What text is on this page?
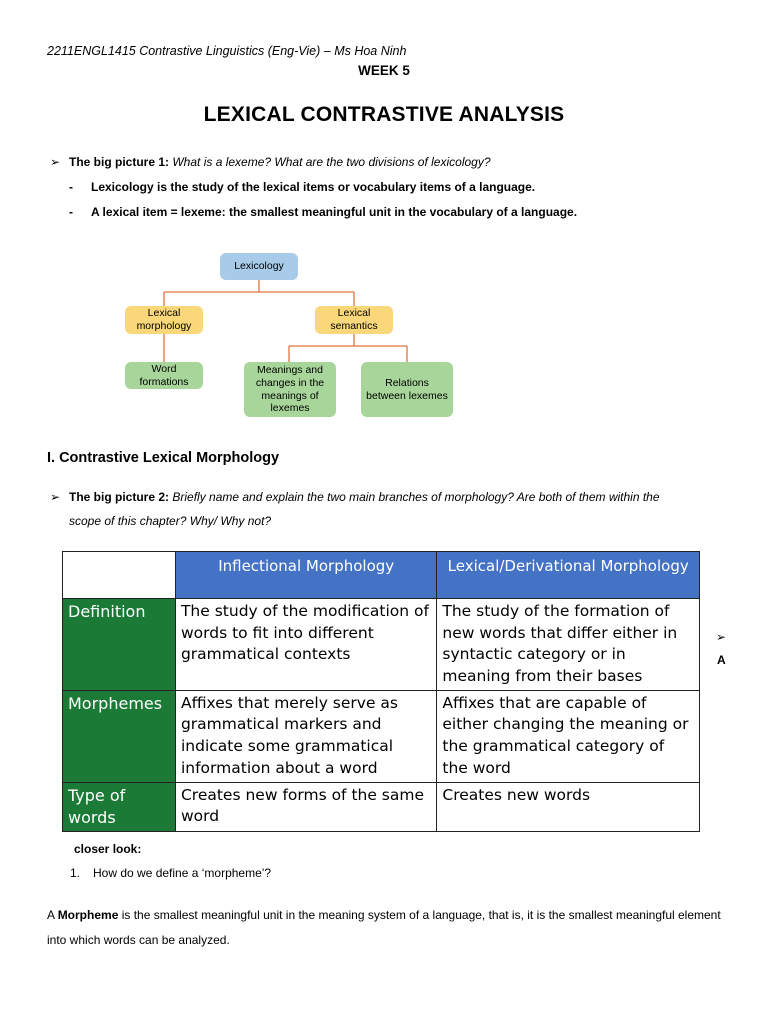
2211ENGL1415 Contrastive Linguistics (Eng-Vie) – Ms Hoa Ninh
WEEK 5
LEXICAL CONTRASTIVE ANALYSIS
➢ The big picture 1: What is a lexeme? What are the two divisions of lexicology?
- Lexicology is the study of the lexical items or vocabulary items of a language.
- A lexical item = lexeme: the smallest meaningful unit in the vocabulary of a language.
Lexicology
Lexical morphology
Lexical semantics
Word formations
Meanings and changes in the meanings of lexemes
Relations between lexemes
I. Contrastive Lexical Morphology
➢ The big picture 2: Briefly name and explain the two main branches of morphology? Are both of them within the
scope of this chapter? Why/ Why not?
	Inflectional Morphology	Lexical/Derivational Morphology
Definition	The study of the modification of words to fit into different grammatical contexts	The study of the formation of new words that differ either in syntactic category or in meaning from their bases
Morphemes	Affixes that merely serve as grammatical markers and indicate some grammatical information about a word	Affixes that are capable of either changing the meaning or the grammatical category of the word
Type of words	Creates new forms of the same word	Creates new words
➢
A
closer look:
1. How do we define a ‘morpheme’?
A Morpheme is the smallest meaningful unit in the meaning system of a language, that is, it is the smallest meaningful element into which words can be analyzed.
